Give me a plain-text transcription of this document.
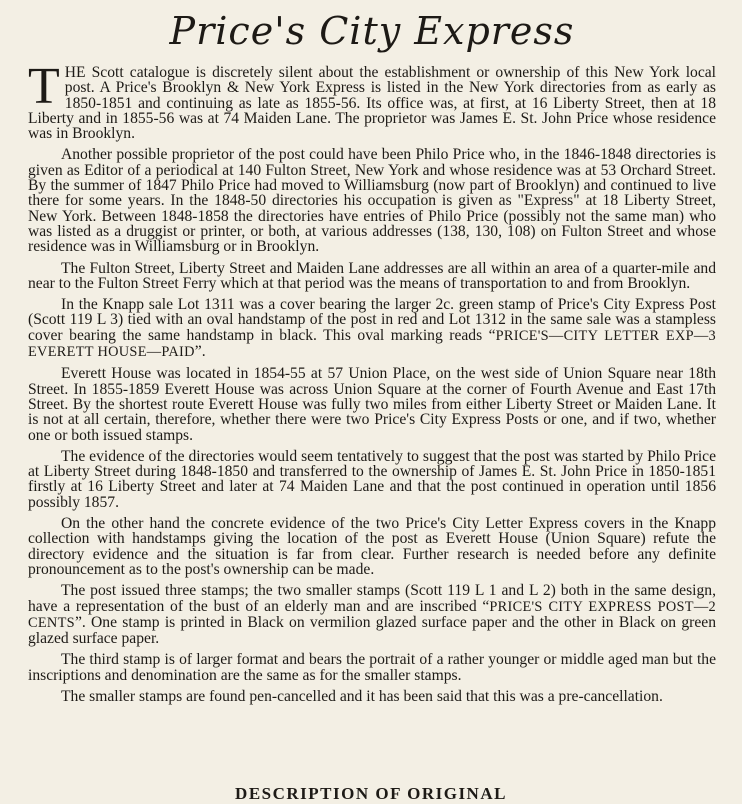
Price's City Express

THE Scott catalogue is discretely silent about the establishment or ownership of this New York local post. A Price's Brooklyn & New York Express is listed in the New York directories from as early as 1850-1851 and continuing as late as 1855-56. Its office was, at first, at 16 Liberty Street, then at 18 Liberty and in 1855-56 was at 74 Maiden Lane. The proprietor was James E. St. John Price whose residence was in Brooklyn.

Another possible proprietor of the post could have been Philo Price who, in the 1846-1848 directories is given as Editor of a periodical at 140 Fulton Street, New York and whose residence was at 53 Orchard Street. By the summer of 1847 Philo Price had moved to Williamsburg (now part of Brooklyn) and continued to live there for some years. In the 1848-50 directories his occupation is given as "Express" at 18 Liberty Street, New York. Between 1848-1858 the directories have entries of Philo Price (possibly not the same man) who was listed as a druggist or printer, or both, at various addresses (138, 130, 108) on Fulton Street and whose residence was in Williamsburg or in Brooklyn.

The Fulton Street, Liberty Street and Maiden Lane addresses are all within an area of a quarter-mile and near to the Fulton Street Ferry which at that period was the means of transportation to and from Brooklyn.

In the Knapp sale Lot 1311 was a cover bearing the larger 2c. green stamp of Price's City Express Post (Scott 119 L 3) tied with an oval handstamp of the post in red and Lot 1312 in the same sale was a stampless cover bearing the same handstamp in black. This oval marking reads “PRICE'S—CITY LETTER EXP—3 EVERETT HOUSE—PAID”.

Everett House was located in 1854-55 at 57 Union Place, on the west side of Union Square near 18th Street. In 1855-1859 Everett House was across Union Square at the corner of Fourth Avenue and East 17th Street. By the shortest route Everett House was fully two miles from either Liberty Street or Maiden Lane. It is not at all certain, therefore, whether there were two Price's City Express Posts or one, and if two, whether one or both issued stamps.

The evidence of the directories would seem tentatively to suggest that the post was started by Philo Price at Liberty Street during 1848-1850 and transferred to the ownership of James E. St. John Price in 1850-1851 firstly at 16 Liberty Street and later at 74 Maiden Lane and that the post continued in operation until 1856 possibly 1857.

On the other hand the concrete evidence of the two Price's City Letter Express covers in the Knapp collection with handstamps giving the location of the post as Everett House (Union Square) refute the directory evidence and the situation is far from clear. Further research is needed before any definite pronouncement as to the post's ownership can be made.

The post issued three stamps; the two smaller stamps (Scott 119 L 1 and L 2) both in the same design, have a representation of the bust of an elderly man and are inscribed “PRICE'S CITY EXPRESS POST—2 CENTS”. One stamp is printed in Black on vermilion glazed surface paper and the other in Black on green glazed surface paper.

The third stamp is of larger format and bears the portrait of a rather younger or middle aged man but the inscriptions and denomination are the same as for the smaller stamps.

The smaller stamps are found pen-cancelled and it has been said that this was a pre-cancellation.

DESCRIPTION OF ORIGINAL
